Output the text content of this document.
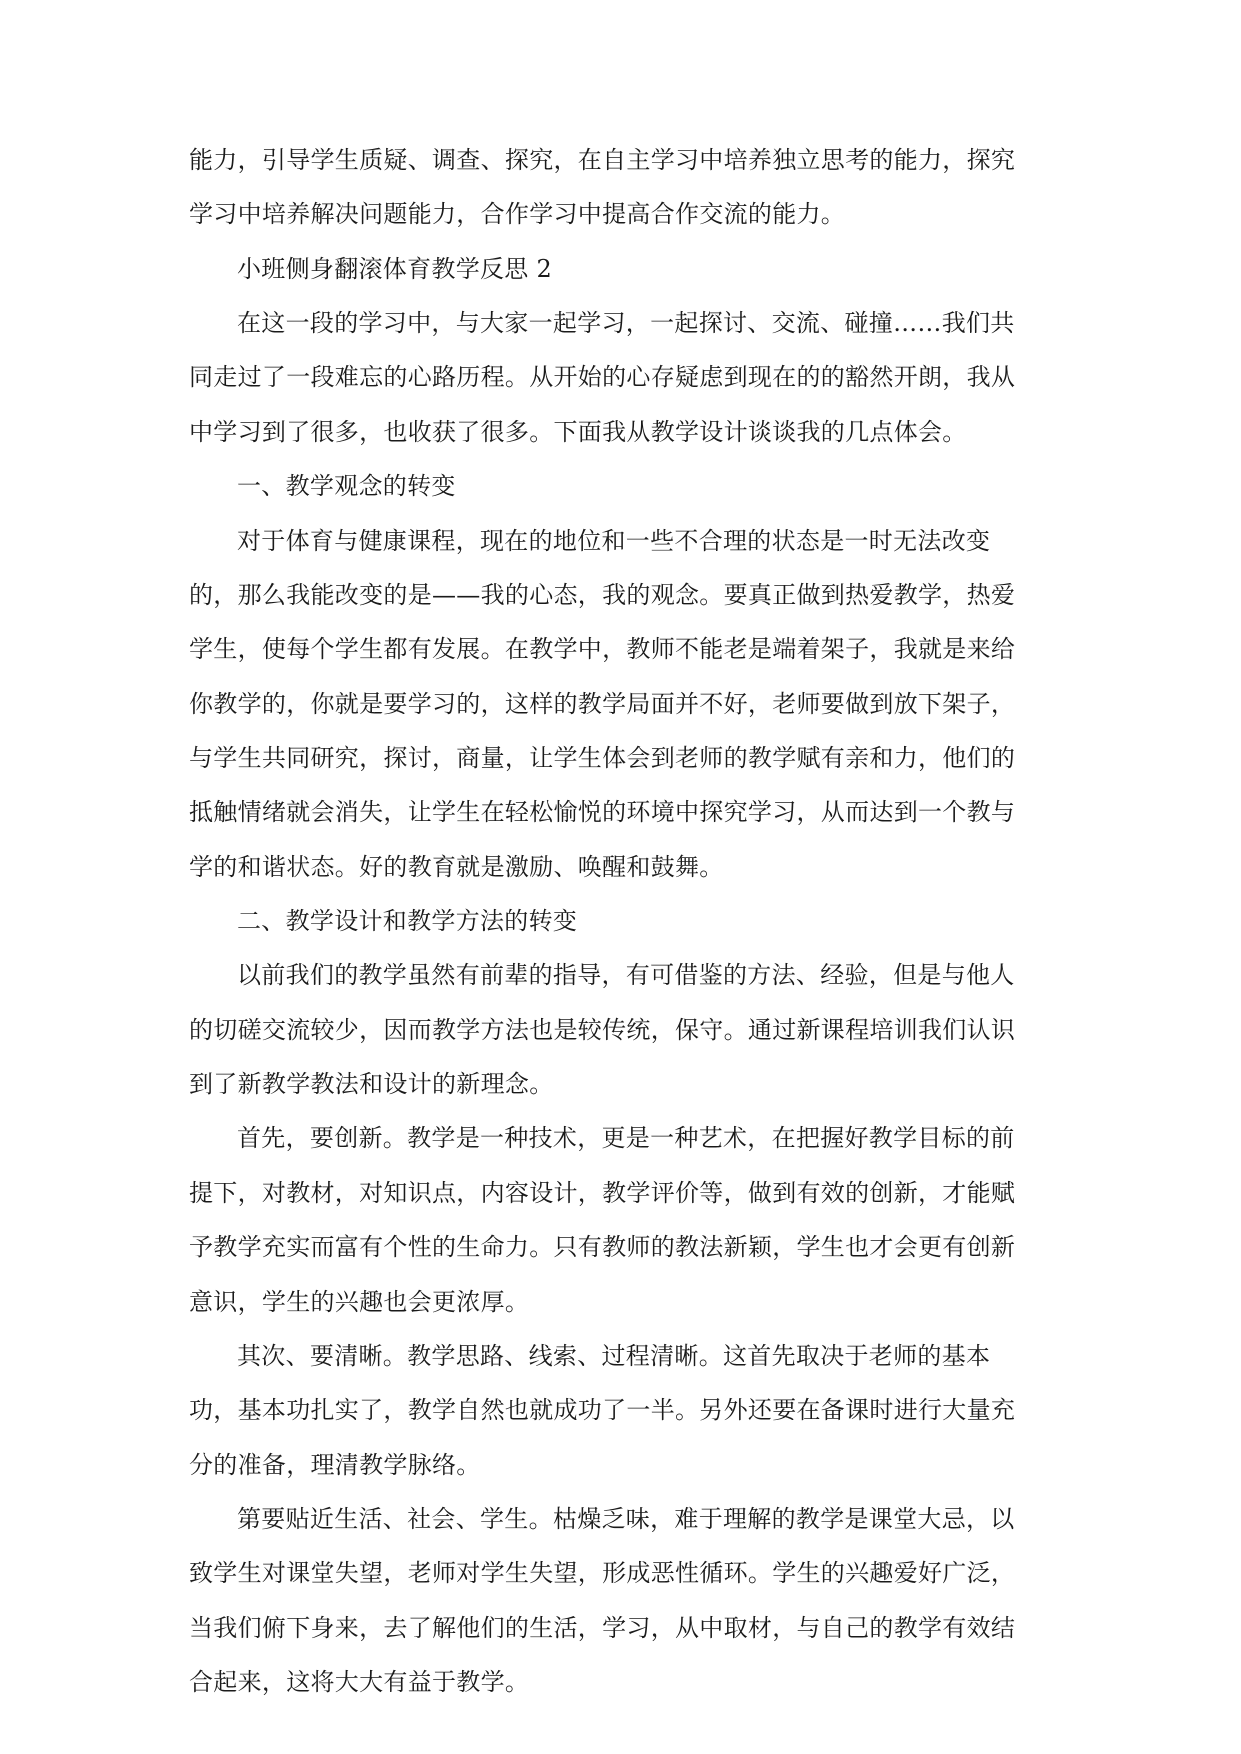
能力，引导学生质疑、调查、探究，在自主学习中培养独立思考的能力，探究
学习中培养解决问题能力，合作学习中提高合作交流的能力。
小班侧身翻滚体育教学反思 2
在这一段的学习中，与大家一起学习，一起探讨、交流、碰撞……我们共
同走过了一段难忘的心路历程。从开始的心存疑虑到现在的的豁然开朗，我从
中学习到了很多，也收获了很多。下面我从教学设计谈谈我的几点体会。
一、教学观念的转变
对于体育与健康课程，现在的地位和一些不合理的状态是一时无法改变
的，那么我能改变的是——我的心态，我的观念。要真正做到热爱教学，热爱
学生，使每个学生都有发展。在教学中，教师不能老是端着架子，我就是来给
你教学的，你就是要学习的，这样的教学局面并不好，老师要做到放下架子，
与学生共同研究，探讨，商量，让学生体会到老师的教学赋有亲和力，他们的
抵触情绪就会消失，让学生在轻松愉悦的环境中探究学习，从而达到一个教与
学的和谐状态。好的教育就是激励、唤醒和鼓舞。
二、教学设计和教学方法的转变
以前我们的教学虽然有前辈的指导，有可借鉴的方法、经验，但是与他人
的切磋交流较少，因而教学方法也是较传统，保守。通过新课程培训我们认识
到了新教学教法和设计的新理念。
首先，要创新。教学是一种技术，更是一种艺术，在把握好教学目标的前
提下，对教材，对知识点，内容设计，教学评价等，做到有效的创新，才能赋
予教学充实而富有个性的生命力。只有教师的教法新颖，学生也才会更有创新
意识，学生的兴趣也会更浓厚。
其次、要清晰。教学思路、线索、过程清晰。这首先取决于老师的基本
功，基本功扎实了，教学自然也就成功了一半。另外还要在备课时进行大量充
分的准备，理清教学脉络。
第要贴近生活、社会、学生。枯燥乏味，难于理解的教学是课堂大忌，以
致学生对课堂失望，老师对学生失望，形成恶性循环。学生的兴趣爱好广泛，
当我们俯下身来，去了解他们的生活，学习，从中取材，与自己的教学有效结
合起来，这将大大有益于教学。
